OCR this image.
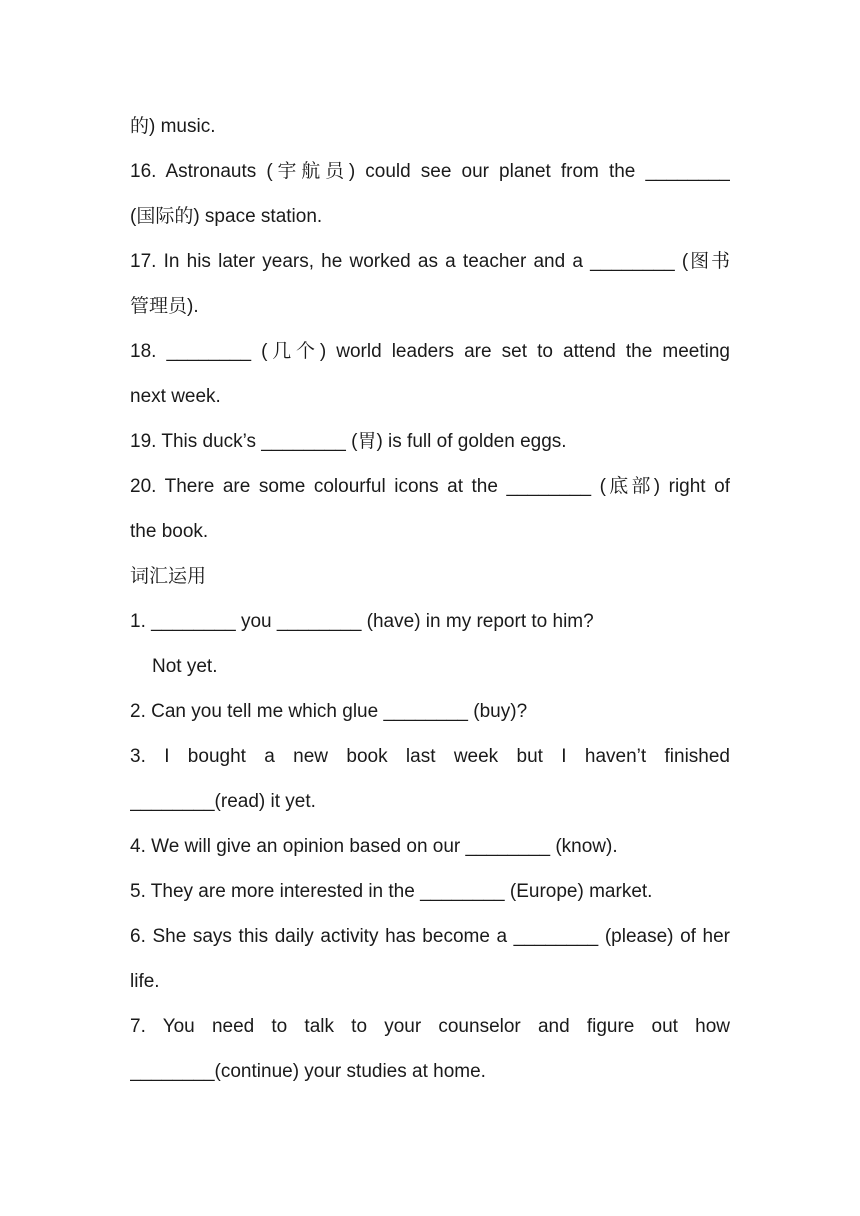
的) music.
16. Astronauts (宇航员) could see our planet from the ________
(国际的) space station.
17. In his later years, he worked as a teacher and a ________ (图书
管理员).
18. ________ (几个) world leaders are set to attend the meeting
next week.
19. This duck’s ________ (胃) is full of golden eggs.
20. There are some colourful icons at the ________ (底部) right of
the book.
词汇运用
1. ________ you ________ (have) in my report to him?
Not yet.
2. Can you tell me which glue ________ (buy)?
3. I bought a new book last week but I haven’t finished
________(read) it yet.
4. We will give an opinion based on our ________ (know).
5. They are more interested in the ________ (Europe) market.
6. She says this daily activity has become a ________ (please) of her
life.
7. You need to talk to your counselor and figure out how
________(continue) your studies at home.
